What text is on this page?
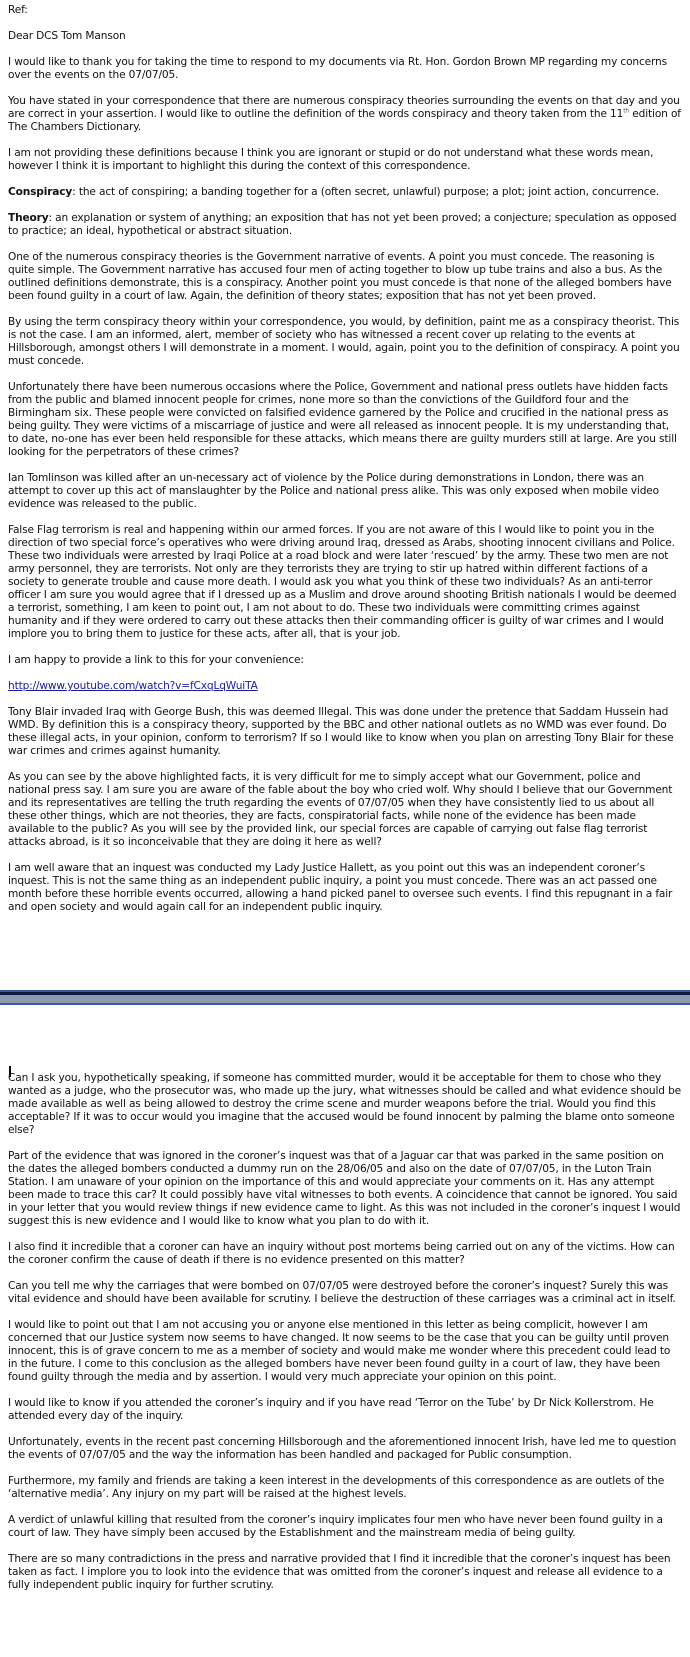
Ref:

Dear DCS Tom Manson

I would like to thank you for taking the time to respond to my documents via Rt. Hon. Gordon Brown MP regarding my concerns over the events on the 07/07/05.

You have stated in your correspondence that there are numerous conspiracy theories surrounding the events on that day and you are correct in your assertion. I would like to outline the definition of the words conspiracy and theory taken from the 11th edition of The Chambers Dictionary.

I am not providing these definitions because I think you are ignorant or stupid or do not understand what these words mean, however I think it is important to highlight this during the context of this correspondence.

Conspiracy: the act of conspiring; a banding together for a (often secret, unlawful) purpose; a plot; joint action, concurrence.

Theory: an explanation or system of anything; an exposition that has not yet been proved; a conjecture; speculation as opposed to practice; an ideal, hypothetical or abstract situation.

One of the numerous conspiracy theories is the Government narrative of events. A point you must concede. The reasoning is quite simple. The Government narrative has accused four men of acting together to blow up tube trains and also a bus. As the outlined definitions demonstrate, this is a conspiracy. Another point you must concede is that none of the alleged bombers have been found guilty in a court of law. Again, the definition of theory states; exposition that has not yet been proved.

By using the term conspiracy theory within your correspondence, you would, by definition, paint me as a conspiracy theorist. This is not the case. I am an informed, alert, member of society who has witnessed a recent cover up relating to the events at Hillsborough, amongst others I will demonstrate in a moment. I would, again, point you to the definition of conspiracy. A point you must concede.

Unfortunately there have been numerous occasions where the Police, Government and national press outlets have hidden facts from the public and blamed innocent people for crimes, none more so than the convictions of the Guildford four and the Birmingham six. These people were convicted on falsified evidence garnered by the Police and crucified in the national press as being guilty. They were victims of a miscarriage of justice and were all released as innocent people. It is my understanding that, to date, no-one has ever been held responsible for these attacks, which means there are guilty murders still at large. Are you still looking for the perpetrators of these crimes?

Ian Tomlinson was killed after an un-necessary act of violence by the Police during demonstrations in London, there was an attempt to cover up this act of manslaughter by the Police and national press alike. This was only exposed when mobile video evidence was released to the public.

False Flag terrorism is real and happening within our armed forces. If you are not aware of this I would like to point you in the direction of two special force’s operatives who were driving around Iraq, dressed as Arabs, shooting innocent civilians and Police. These two individuals were arrested by Iraqi Police at a road block and were later ‘rescued’ by the army. These two men are not army personnel, they are terrorists. Not only are they terrorists they are trying to stir up hatred within different factions of a society to generate trouble and cause more death. I would ask you what you think of these two individuals? As an anti-terror officer I am sure you would agree that if I dressed up as a Muslim and drove around shooting British nationals I would be deemed a terrorist, something, I am keen to point out, I am not about to do. These two individuals were committing crimes against humanity and if they were ordered to carry out these attacks then their commanding officer is guilty of war crimes and I would implore you to bring them to justice for these acts, after all, that is your job.

I am happy to provide a link to this for your convenience:

http://www.youtube.com/watch?v=fCxqLqWuiTA

Tony Blair invaded Iraq with George Bush, this was deemed Illegal. This was done under the pretence that Saddam Hussein had WMD. By definition this is a conspiracy theory, supported by the BBC and other national outlets as no WMD was ever found. Do these illegal acts, in your opinion, conform to terrorism? If so I would like to know when you plan on arresting Tony Blair for these war crimes and crimes against humanity.

As you can see by the above highlighted facts, it is very difficult for me to simply accept what our Government, police and national press say. I am sure you are aware of the fable about the boy who cried wolf. Why should I believe that our Government and its representatives are telling the truth regarding the events of 07/07/05 when they have consistently lied to us about all these other things, which are not theories, they are facts, conspiratorial facts, while none of the evidence has been made available to the public? As you will see by the provided link, our special forces are capable of carrying out false flag terrorist attacks abroad, is it so inconceivable that they are doing it here as well?

I am well aware that an inquest was conducted my Lady Justice Hallett, as you point out this was an independent coroner’s inquest. This is not the same thing as an independent public inquiry, a point you must concede. There was an act passed one month before these horrible events occurred, allowing a hand picked panel to oversee such events. I find this repugnant in a fair and open society and would again call for an independent public inquiry.

Can I ask you, hypothetically speaking, if someone has committed murder, would it be acceptable for them to chose who they wanted as a judge, who the prosecutor was, who made up the jury, what witnesses should be called and what evidence should be made available as well as being allowed to destroy the crime scene and murder weapons before the trial. Would you find this acceptable? If it was to occur would you imagine that the accused would be found innocent by palming the blame onto someone else?

Part of the evidence that was ignored in the coroner’s inquest was that of a Jaguar car that was parked in the same position on the dates the alleged bombers conducted a dummy run on the 28/06/05 and also on the date of 07/07/05, in the Luton Train Station. I am unaware of your opinion on the importance of this and would appreciate your comments on it. Has any attempt been made to trace this car? It could possibly have vital witnesses to both events. A coincidence that cannot be ignored. You said in your letter that you would review things if new evidence came to light. As this was not included in the coroner’s inquest I would suggest this is new evidence and I would like to know what you plan to do with it.

I also find it incredible that a coroner can have an inquiry without post mortems being carried out on any of the victims. How can the coroner confirm the cause of death if there is no evidence presented on this matter?

Can you tell me why the carriages that were bombed on 07/07/05 were destroyed before the coroner’s inquest? Surely this was vital evidence and should have been available for scrutiny. I believe the destruction of these carriages was a criminal act in itself.

I would like to point out that I am not accusing you or anyone else mentioned in this letter as being complicit, however I am concerned that our Justice system now seems to have changed. It now seems to be the case that you can be guilty until proven innocent, this is of grave concern to me as a member of society and would make me wonder where this precedent could lead to in the future. I come to this conclusion as the alleged bombers have never been found guilty in a court of law, they have been found guilty through the media and by assertion. I would very much appreciate your opinion on this point.

I would like to know if you attended the coroner’s inquiry and if you have read ‘Terror on the Tube’ by Dr Nick Kollerstrom. He attended every day of the inquiry.

Unfortunately, events in the recent past concerning Hillsborough and the aforementioned innocent Irish, have led me to question the events of 07/07/05 and the way the information has been handled and packaged for Public consumption.

Furthermore, my family and friends are taking a keen interest in the developments of this correspondence as are outlets of the ‘alternative media’. Any injury on my part will be raised at the highest levels.

A verdict of unlawful killing that resulted from the coroner’s inquiry implicates four men who have never been found guilty in a court of law. They have simply been accused by the Establishment and the mainstream media of being guilty.

There are so many contradictions in the press and narrative provided that I find it incredible that the coroner’s inquest has been taken as fact. I implore you to look into the evidence that was omitted from the coroner’s inquest and release all evidence to a fully independent public inquiry for further scrutiny.
